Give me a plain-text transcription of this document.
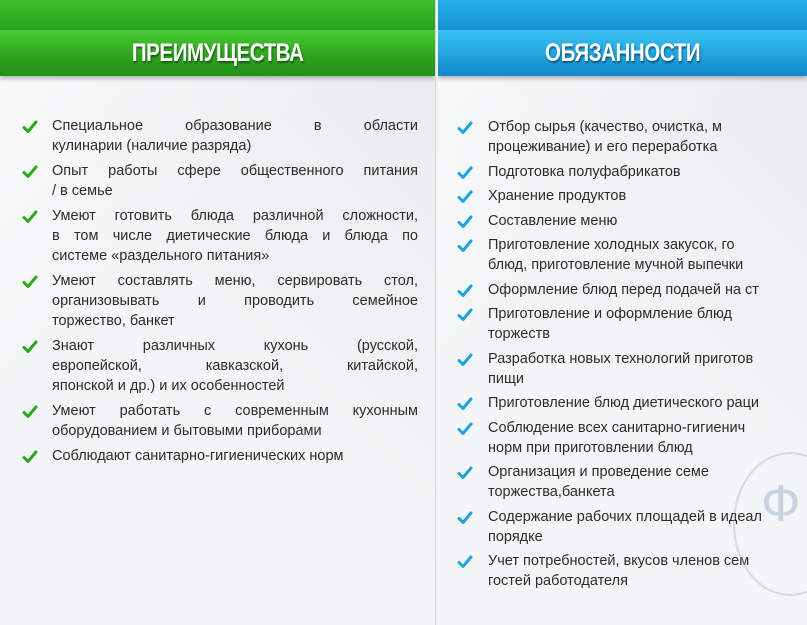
ПРЕИМУЩЕСТВА
Специальное образование в области
кулинарии (наличие разряда)
Опыт работы сфере общественного питания
/ в семье
Умеют готовить блюда различной сложности,
в том числе диетические блюда и блюда по
системе «раздельного питания»
Умеют составлять меню, сервировать стол,
организовывать и проводить семейное
торжество, банкет
Знают различных кухонь (русской,
европейской, кавказской, китайской,
японской и др.) и их особенностей
Умеют работать с современным кухонным
оборудованием и бытовыми приборами
Соблюдают санитарно-гигиенических норм
ОБЯЗАННОСТИ
Отбор сырья (качество, очистка, м
процеживание) и его переработка
Подготовка полуфабрикатов
Хранение продуктов
Составление меню
Приготовление холодных закусок, го
блюд, приготовление мучной выпечки
Оформление блюд перед подачей на ст
Приготовление и оформление блюд
торжеств
Разработка новых технологий приготов
пищи
Приготовление блюд диетического раци
Соблюдение всех санитарно-гигиенич
норм при приготовлении блюд
Организация и проведение семе
торжества,банкета
Содержание рабочих площадей в идеал
порядке
Учет потребностей, вкусов членов сем
гостей работодателя
Ф
